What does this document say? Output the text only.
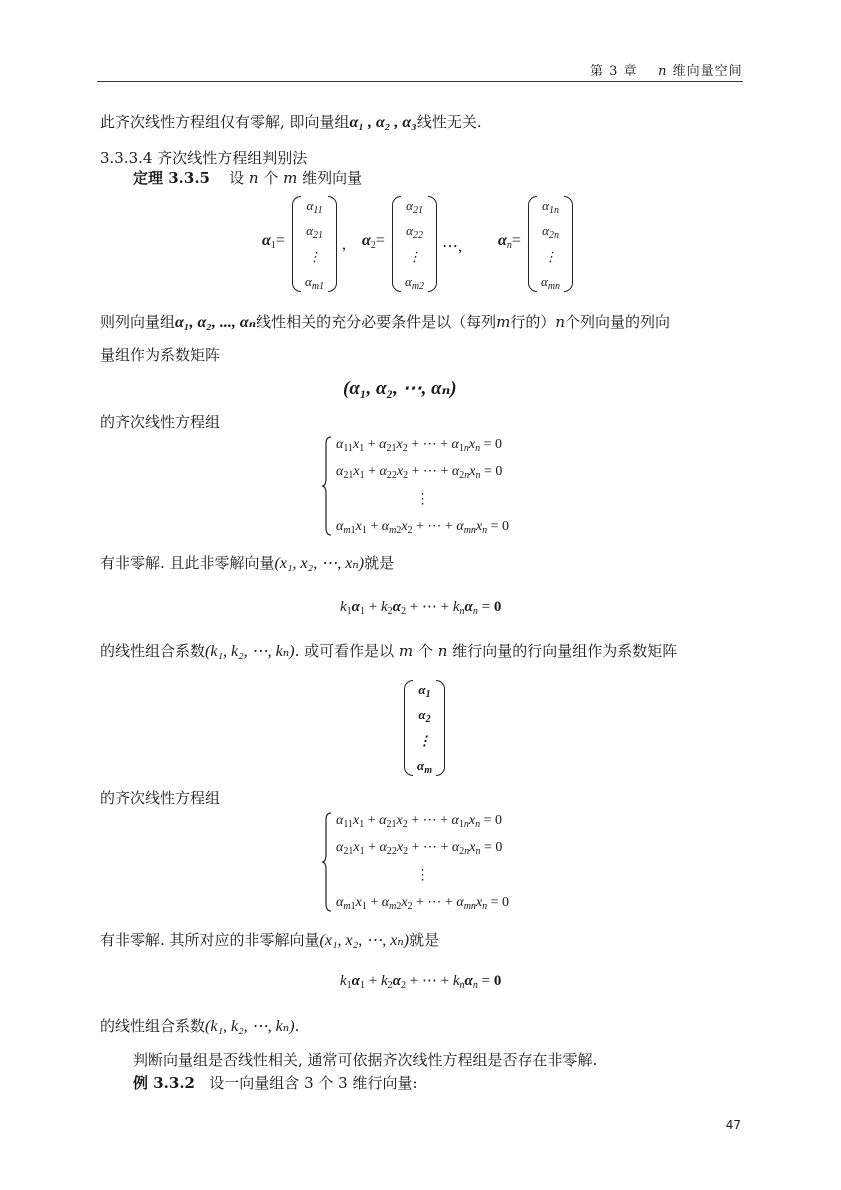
第 3 章 n 维向量空间
此齐次线性方程组仅有零解, 即向量组α₁ , α₂ , α₃线性无关.
3.3.3.4 齐次线性方程组判别法
定理 3.3.5 设 n 个 m 维列向量
$\alpha_1=$
$\alpha_{11}$
$\alpha_{21}$
⋮
$\alpha_{m1}$
, $\alpha_2=$
$\alpha_{21}$
$\alpha_{22}$
⋮
$\alpha_{m2}$
⋯, $\alpha_n=$
$\alpha_{1n}$
$\alpha_{2n}$
⋮
$\alpha_{mn}$
则列向量组α₁, α₂, ..., αₙ线性相关的充分必要条件是以（每列m行的）n个列向量的列向
量组作为系数矩阵
(α₁, α₂, ⋯, αₙ)
的齐次线性方程组
$\alpha_{11}x_1 + \alpha_{21}x_2$ + ⋯ + $\alpha_{1n}x_n = 0$
$\alpha_{21}x_1 + \alpha_{22}x_2$ + ⋯ + $\alpha_{2n}x_n = 0$
⋮
$\alpha_{m1}x_1 + \alpha_{m2}x_2$ + ⋯ + $\alpha_{mn}x_n = 0$
有非零解. 且此非零解向量(x₁, x₂, ⋯, xₙ)就是
$k_1\alpha_1 + k_2\alpha_2$ + ⋯ + $k_n\alpha_n = 0$
的线性组合系数(k₁, k₂, ⋯, kₙ). 或可看作是以 m 个 n 维行向量的行向量组作为系数矩阵
$\alpha_1$
$\alpha_2$
⋮
$\alpha_m$
的齐次线性方程组
$\alpha_{11}x_1 + \alpha_{21}x_2$ + ⋯ + $\alpha_{1n}x_n = 0$
$\alpha_{21}x_1 + \alpha_{22}x_2$ + ⋯ + $\alpha_{2n}x_n = 0$
⋮
$\alpha_{m1}x_1 + \alpha_{m2}x_2$ + ⋯ + $\alpha_{mn}x_n = 0$
有非零解. 其所对应的非零解向量(x₁, x₂, ⋯, xₙ)就是
$k_1\alpha_1 + k_2\alpha_2$ + ⋯ + $k_n\alpha_n = 0$
的线性组合系数(k₁, k₂, ⋯, kₙ).
判断向量组是否线性相关, 通常可依据齐次线性方程组是否存在非零解.
例 3.3.2 设一向量组含 3 个 3 维行向量:
47
